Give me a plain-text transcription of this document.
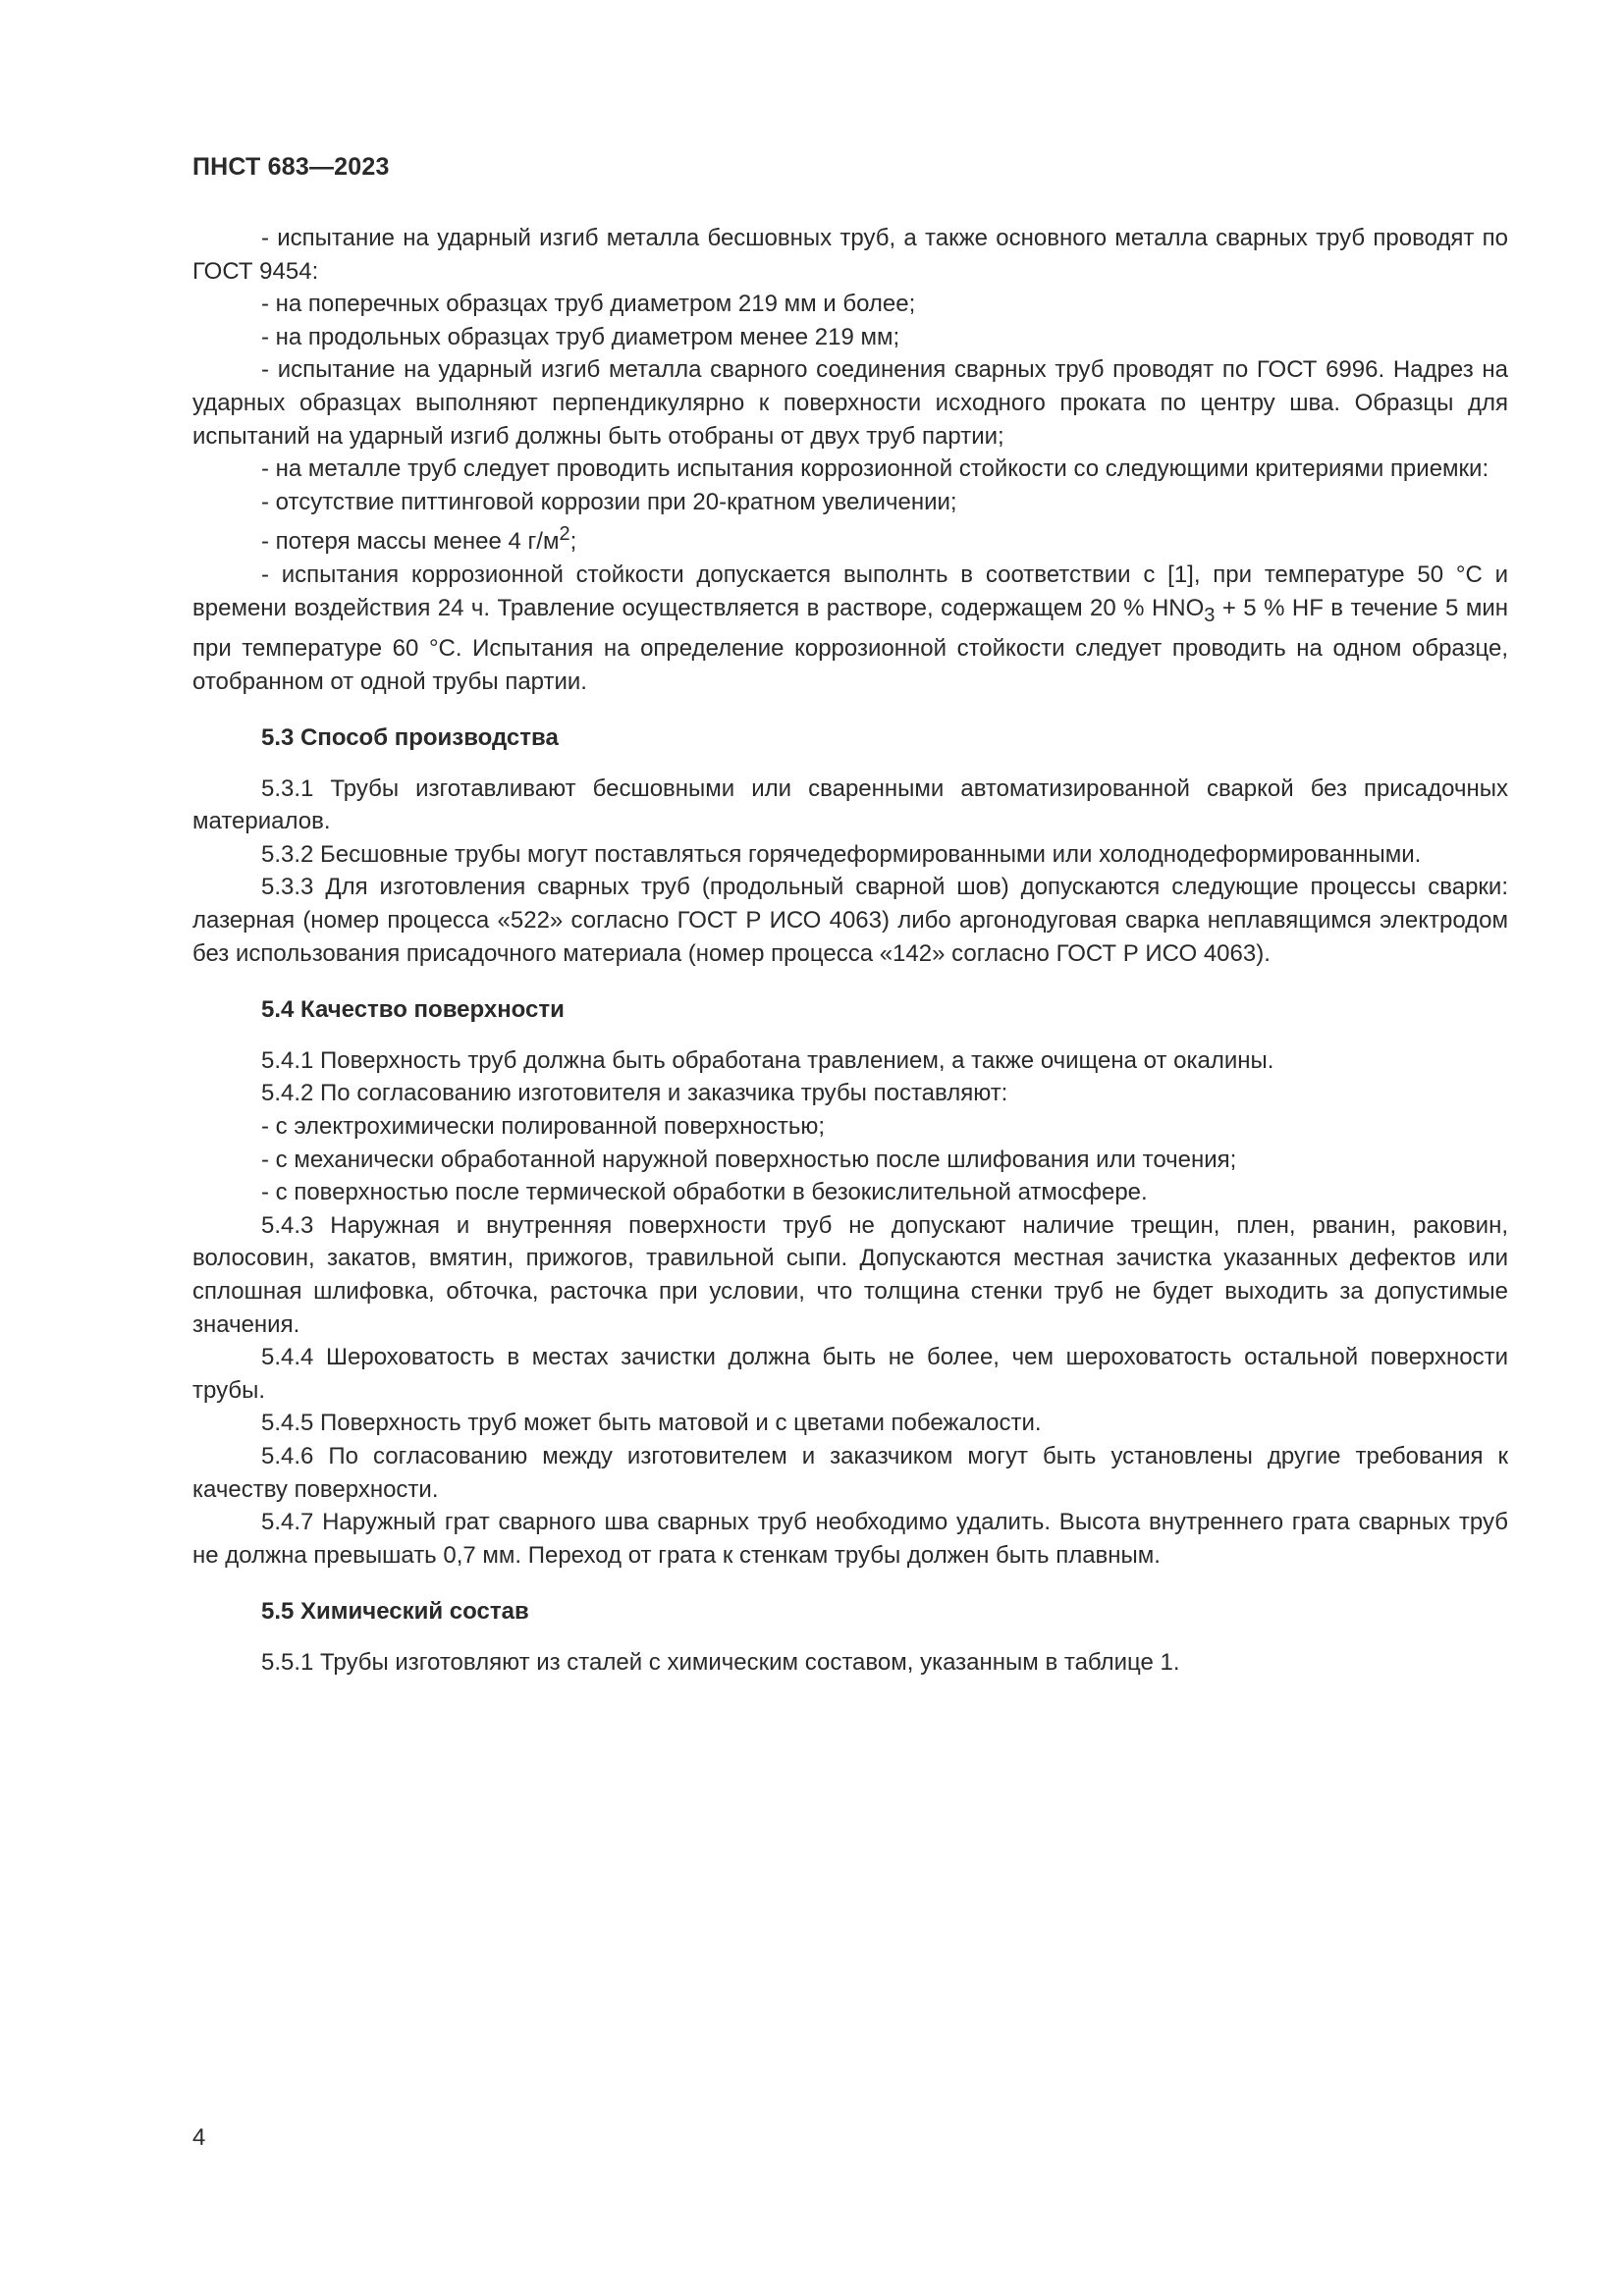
ПНСТ 683—2023

- испытание на ударный изгиб металла бесшовных труб, а также основного металла сварных труб проводят по ГОСТ 9454:

- на поперечных образцах труб диаметром 219 мм и более;

- на продольных образцах труб диаметром менее 219 мм;

- испытание на ударный изгиб металла сварного соединения сварных труб проводят по ГОСТ 6996. Надрез на ударных образцах выполняют перпендикулярно к поверхности исходного проката по центру шва. Образцы для испытаний на ударный изгиб должны быть отобраны от двух труб партии;

- на металле труб следует проводить испытания коррозионной стойкости со следующими критериями приемки:

- отсутствие питтинговой коррозии при 20-кратном увеличении;

- потеря массы менее 4 $г/м^2$;

- испытания коррозионной стойкости допускается выполнть в соответствии с [1], при температуре 50 °С и времени воздействия 24 ч. Травление осуществляется в растворе, содержащем 20 % $HNO_3 + 5$ % HF в течение 5 мин при температуре 60 °С. Испытания на определение коррозионной стойкости следует проводить на одном образце, отобранном от одной трубы партии.

5.3 Способ производства

5.3.1 Трубы изготавливают бесшовными или сваренными автоматизированной сваркой без присадочных материалов.

5.3.2 Бесшовные трубы могут поставляться горячедеформированными или холоднодеформированными.

5.3.3 Для изготовления сварных труб (продольный сварной шов) допускаются следующие процессы сварки: лазерная (номер процесса «522» согласно ГОСТ Р ИСО 4063) либо аргонодуговая сварка неплавящимся электродом без использования присадочного материала (номер процесса «142» согласно ГОСТ Р ИСО 4063).

5.4 Качество поверхности

5.4.1 Поверхность труб должна быть обработана травлением, а также очищена от окалины.

5.4.2 По согласованию изготовителя и заказчика трубы поставляют:

- с электрохимически полированной поверхностью;

- с механически обработанной наружной поверхностью после шлифования или точения;

- с поверхностью после термической обработки в безокислительной атмосфере.

5.4.3 Наружная и внутренняя поверхности труб не допускают наличие трещин, плен, рванин, раковин, волосовин, закатов, вмятин, прижогов, травильной сыпи. Допускаются местная зачистка указанных дефектов или сплошная шлифовка, обточка, расточка при условии, что толщина стенки труб не будет выходить за допустимые значения.

5.4.4 Шероховатость в местах зачистки должна быть не более, чем шероховатость остальной поверхности трубы.

5.4.5 Поверхность труб может быть матовой и с цветами побежалости.

5.4.6 По согласованию между изготовителем и заказчиком могут быть установлены другие требования к качеству поверхности.

5.4.7 Наружный грат сварного шва сварных труб необходимо удалить. Высота внутреннего грата сварных труб не должна превышать 0,7 мм. Переход от грата к стенкам трубы должен быть плавным.

5.5 Химический состав

5.5.1 Трубы изготовляют из сталей с химическим составом, указанным в таблице 1.

4
